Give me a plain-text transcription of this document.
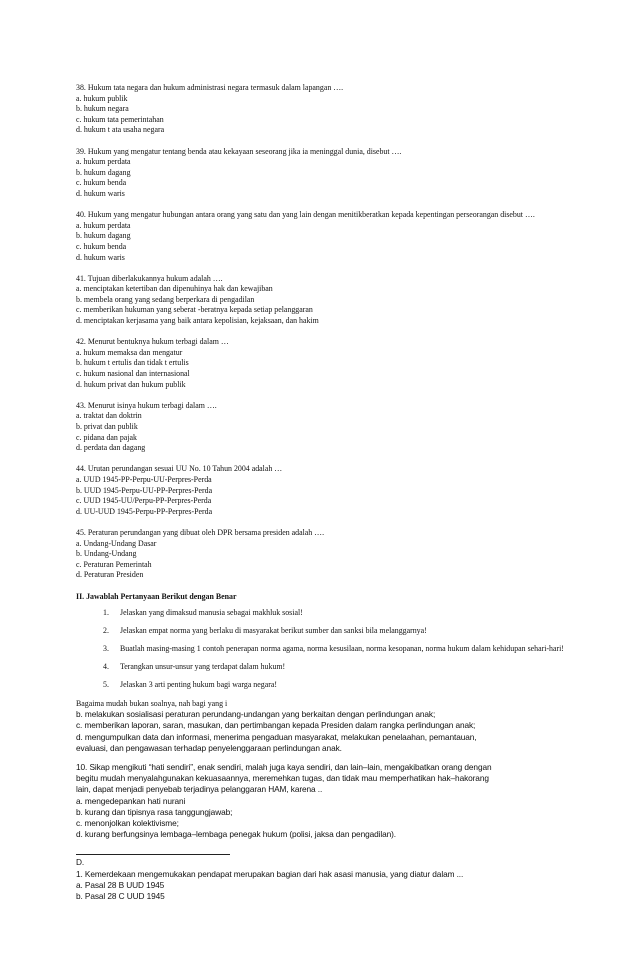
38. Hukum tata negara dan hukum administrasi negara termasuk dalam lapangan ….
a. hukum publik
b. hukum negara
c. hukum tata pemerintahan
d. hukum t ata usaha negara
39. Hukum yang mengatur tentang benda atau kekayaan seseorang jika ia meninggal dunia, disebut ….
a. hukum perdata
b. hukum dagang
c. hukum benda
d. hukum waris
40. Hukum yang mengatur hubungan antara orang yang satu dan yang lain dengan menitikberatkan kepada kepentingan perseorangan disebut ….
a. hukum perdata
b. hukum dagang
c. hukum benda
d. hukum waris
41. Tujuan diberlakukannya hukum adalah ….
a. menciptakan ketertiban dan dipenuhinya hak dan kewajiban
b. membela orang yang sedang berperkara di pengadilan
c. memberikan hukuman yang seberat -beratnya kepada setiap pelanggaran
d. menciptakan kerjasama yang baik antara kepolisian, kejaksaan, dan hakim
42. Menurut bentuknya hukum terbagi dalam …
a. hukum memaksa dan mengatur
b. hukum t ertulis dan tidak t ertulis
c. hukum nasional dan internasional
d. hukum privat dan hukum publik
43. Menurut isinya hukum terbagi dalam ….
a. traktat dan doktrin
b. privat dan publik
c. pidana dan pajak
d. perdata dan dagang
44. Urutan perundangan sesuai UU No. 10 Tahun 2004 adalah …
a. UUD 1945-PP-Perpu-UU-Perpres-Perda
b. UUD 1945-Perpu-UU-PP-Perpres-Perda
c. UUD 1945-UU/Perpu-PP-Perpres-Perda
d. UU-UUD 1945-Perpu-PP-Perpres-Perda
45. Peraturan perundangan yang dibuat oleh DPR bersama presiden adalah ….
a. Undang-Undang Dasar
b. Undang-Undang
c. Peraturan Pemerintah
d. Peraturan Presiden
II. Jawablah Pertanyaan Berikut dengan Benar
1. Jelaskan yang dimaksud manusia sebagai makhluk sosial!
2. Jelaskan empat norma yang berlaku di masyarakat berikut sumber dan sanksi bila melanggarnya!
3. Buatlah masing-masing 1 contoh penerapan norma agama, norma kesusilaan, norma kesopanan, norma hukum dalam kehidupan sehari-hari!
4. Terangkan unsur-unsur yang terdapat dalam hukum!
5. Jelaskan 3 arti penting hukum bagi warga negara!
Bagaima mudah bukan soalnya, nah bagi yang i
b. melakukan sosialisasi peraturan perundang-undangan yang berkaitan dengan perlindungan anak;
c. memberikan laporan, saran, masukan, dan pertimbangan kepada Presiden dalam rangka perlindungan anak;
d. mengumpulkan data dan informasi, menerima pengaduan masyarakat, melakukan penelaahan, pemantauan,
evaluasi, dan pengawasan terhadap penyelenggaraan perlindungan anak.
10. Sikap mengikuti “hati sendiri”, enak sendiri, malah juga kaya sendiri, dan lain–lain, mengakibatkan orang dengan
begitu mudah menyalahgunakan kekuasaannya, meremehkan tugas, dan tidak mau memperhatikan hak–hakorang
lain, dapat menjadi penyebab terjadinya pelanggaran HAM, karena ..
a. mengedepankan hati nurani
b. kurang dan tipisnya rasa tanggungjawab;
c. menonjolkan kolektivisme;
d. kurang berfungsinya lembaga–lembaga penegak hukum (polisi, jaksa dan pengadilan).
D.
1. Kemerdekaan mengemukakan pendapat merupakan bagian dari hak asasi manusia, yang diatur dalam ...
a. Pasal 28 B UUD 1945
b. Pasal 28 C UUD 1945
